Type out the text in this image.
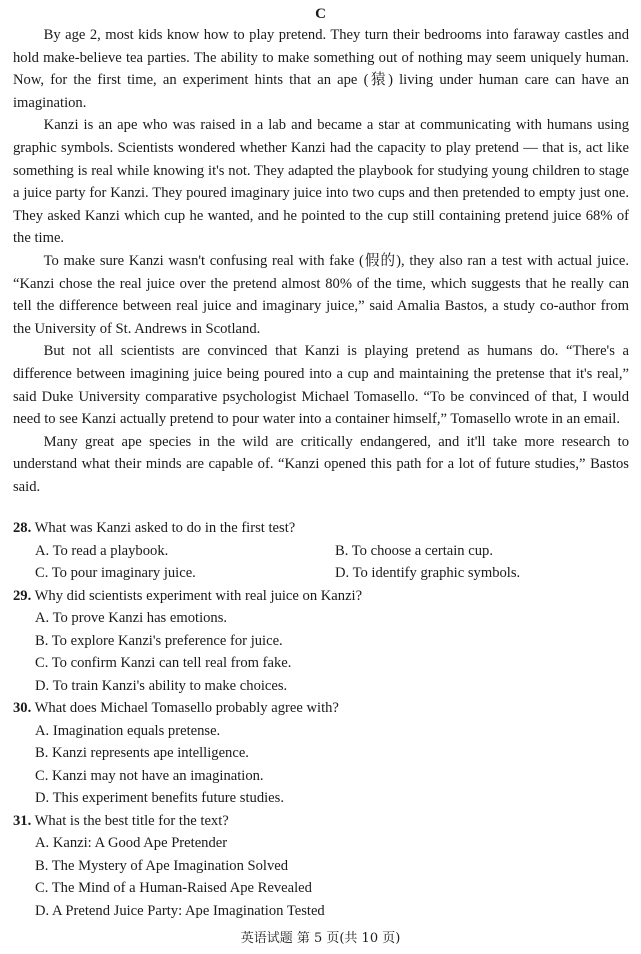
C

By age 2, most kids know how to play pretend. They turn their bedrooms into faraway castles and hold make-believe tea parties. The ability to make something out of nothing may seem uniquely human. Now, for the first time, an experiment hints that an ape (猿) living under human care can have an imagination.

Kanzi is an ape who was raised in a lab and became a star at communicating with humans using graphic symbols. Scientists wondered whether Kanzi had the capacity to play pretend — that is, act like something is real while knowing it's not. They adapted the playbook for studying young children to stage a juice party for Kanzi. They poured imaginary juice into two cups and then pretended to empty just one. They asked Kanzi which cup he wanted, and he pointed to the cup still containing pretend juice 68% of the time.

To make sure Kanzi wasn't confusing real with fake (假的), they also ran a test with actual juice. “Kanzi chose the real juice over the pretend almost 80% of the time, which suggests that he really can tell the difference between real juice and imaginary juice,” said Amalia Bastos, a study co-author from the University of St. Andrews in Scotland.

But not all scientists are convinced that Kanzi is playing pretend as humans do. “There's a difference between imagining juice being poured into a cup and maintaining the pretense that it's real,” said Duke University comparative psychologist Michael Tomasello. “To be convinced of that, I would need to see Kanzi actually pretend to pour water into a container himself,” Tomasello wrote in an email.

Many great ape species in the wild are critically endangered, and it'll take more research to understand what their minds are capable of. “Kanzi opened this path for a lot of future studies,” Bastos said.

28. What was Kanzi asked to do in the first test?
A. To read a playbook.	B. To choose a certain cup.
C. To pour imaginary juice.	D. To identify graphic symbols.
29. Why did scientists experiment with real juice on Kanzi?
A. To prove Kanzi has emotions.
B. To explore Kanzi's preference for juice.
C. To confirm Kanzi can tell real from fake.
D. To train Kanzi's ability to make choices.
30. What does Michael Tomasello probably agree with?
A. Imagination equals pretense.
B. Kanzi represents ape intelligence.
C. Kanzi may not have an imagination.
D. This experiment benefits future studies.
31. What is the best title for the text?
A. Kanzi: A Good Ape Pretender
B. The Mystery of Ape Imagination Solved
C. The Mind of a Human-Raised Ape Revealed
D. A Pretend Juice Party: Ape Imagination Tested
英语试题 第 5 页(共 10 页)
